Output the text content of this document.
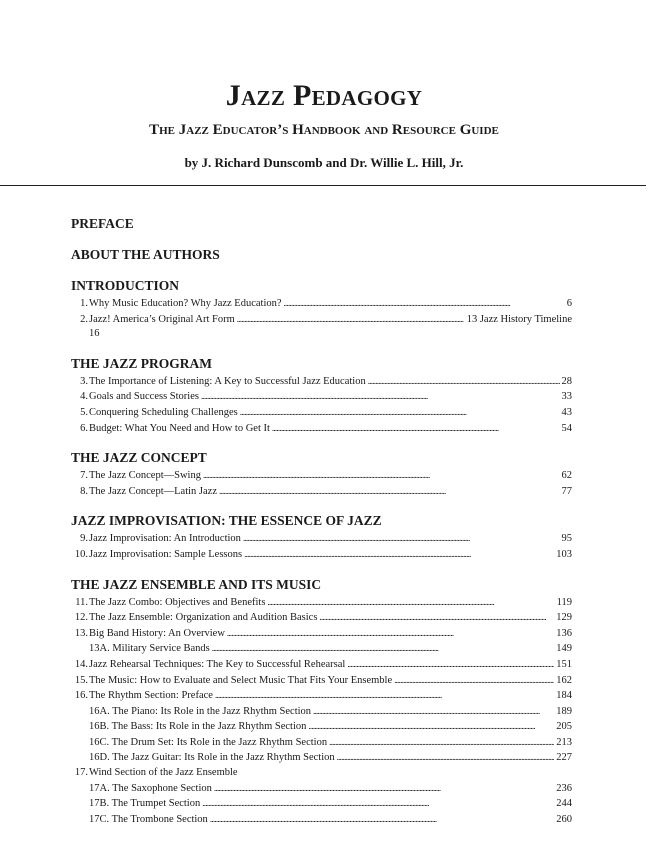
Jazz Pedagogy
The Jazz Educator’s Handbook and Resource Guide
by J. Richard Dunscomb and Dr. Willie L. Hill, Jr.
PREFACE
ABOUT THE AUTHORS
INTRODUCTION
1.Why Music Education? Why Jazz Education? . . .	6
2.Jazz! America’s Original Art Form . . .	13 Jazz History Timeline
16
THE JAZZ PROGRAM
3.The Importance of Listening: A Key to Successful Jazz Education . . .	28
4.Goals and Success Stories . . .	33
5.Conquering Scheduling Challenges . . .	43
6.Budget: What You Need and How to Get It . . .	54
THE JAZZ CONCEPT
7.The Jazz Concept—Swing . . .	62
8.The Jazz Concept—Latin Jazz . . .	77
JAZZ IMPROVISATION: THE ESSENCE OF JAZZ
9.Jazz Improvisation: An Introduction . . .	95
10.Jazz Improvisation: Sample Lessons . . .	103
THE JAZZ ENSEMBLE AND ITS MUSIC
11.The Jazz Combo: Objectives and Benefits . . .	119
12.The Jazz Ensemble: Organization and Audition Basics . . .	129
13.Big Band History: An Overview . . .	136
13A. Military Service Bands . . .	149
14.Jazz Rehearsal Techniques: The Key to Successful Rehearsal . . .	151
15.The Music: How to Evaluate and Select Music That Fits Your Ensemble . . .	162
16.The Rhythm Section: Preface . . .	184
16A. The Piano: Its Role in the Jazz Rhythm Section . . .	189
16B. The Bass: Its Role in the Jazz Rhythm Section . . .	205
16C. The Drum Set: Its Role in the Jazz Rhythm Section . . .	213
16D. The Jazz Guitar: Its Role in the Jazz Rhythm Section . . .	227
17.Wind Section of the Jazz Ensemble
17A. The Saxophone Section . . .	236
17B. The Trumpet Section . . .	244
17C. The Trombone Section . . .	260
